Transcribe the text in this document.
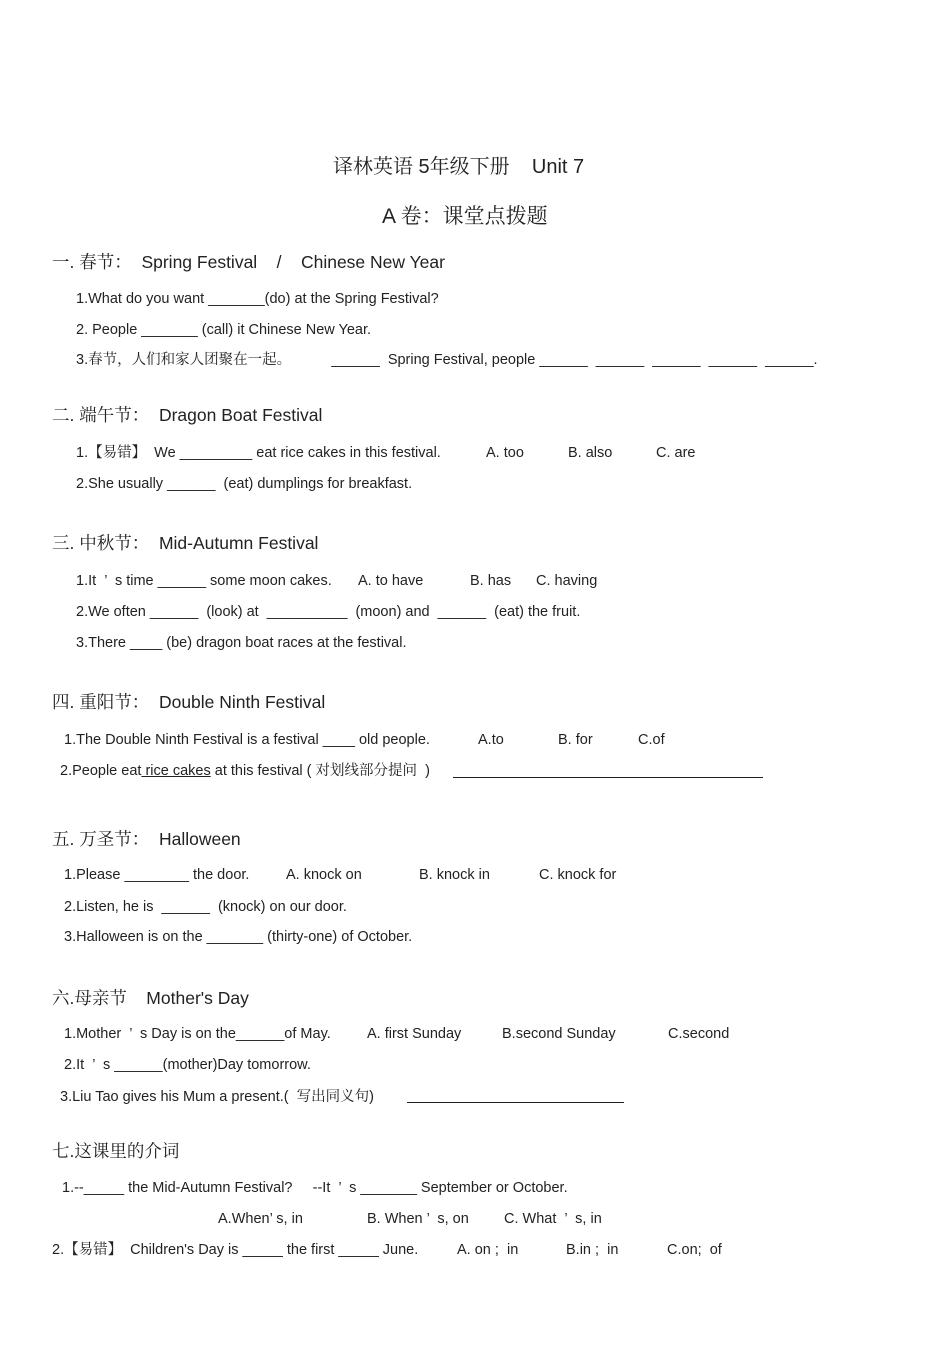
译林英语 5年级下册    Unit 7
A 卷：课堂点拨题
一. 春节：  Spring Festival    /    Chinese New Year
1.What do you want _______(do) at the Spring Festival?
2. People _______ (call) it Chinese New Year.
3.春节，人们和家人团聚在一起。          ______  Spring Festival, people ______  ______  ______  ______  ______.
二. 端午节：  Dragon Boat Festival
1.【易错】  We _________ eat rice cakes in this festival.	A. too	B. also	C. are
2.She usually ______  (eat) dumplings for breakfast.
三. 中秋节：  Mid-Autumn Festival
1.It  ’  s time ______ some moon cakes. A. to have	B. has C. having
2.We often ______  (look) at  __________  (moon) and  ______  (eat) the fruit.
3.There ____ (be) dragon boat races at the festival.
四. 重阳节：  Double Ninth Festival
1.The Double Ninth Festival is a festival ____ old people.	A.to	B. for	C.of
2.People eat rice cakes at this festival ( 对划线部分提问  )
五. 万圣节：  Halloween
1.Please ________ the door.	A. knock on	B. knock in	C. knock for
2.Listen, he is  ______  (knock) on our door.
3.Halloween is on the _______ (thirty-one) of October.
六.母亲节    Mother's Day
1.Mother  ’  s Day is on the______of May. A. first Sunday	B.second Sunday	C.second
2.It  ’  s ______(mother)Day tomorrow.
3.Liu Tao gives his Mum a present.(  写出同义句)
七.这课里的介词
1.--_____ the Mid-Autumn Festival?     --It  ’  s _______ September or October.
A.When’ s, in	B. When ’  s, on C. What  ’  s, in
2.【易错】  Children's Day is _____ the first _____ June.	A. on ;  in	B.in ;  in	C.on;  of
